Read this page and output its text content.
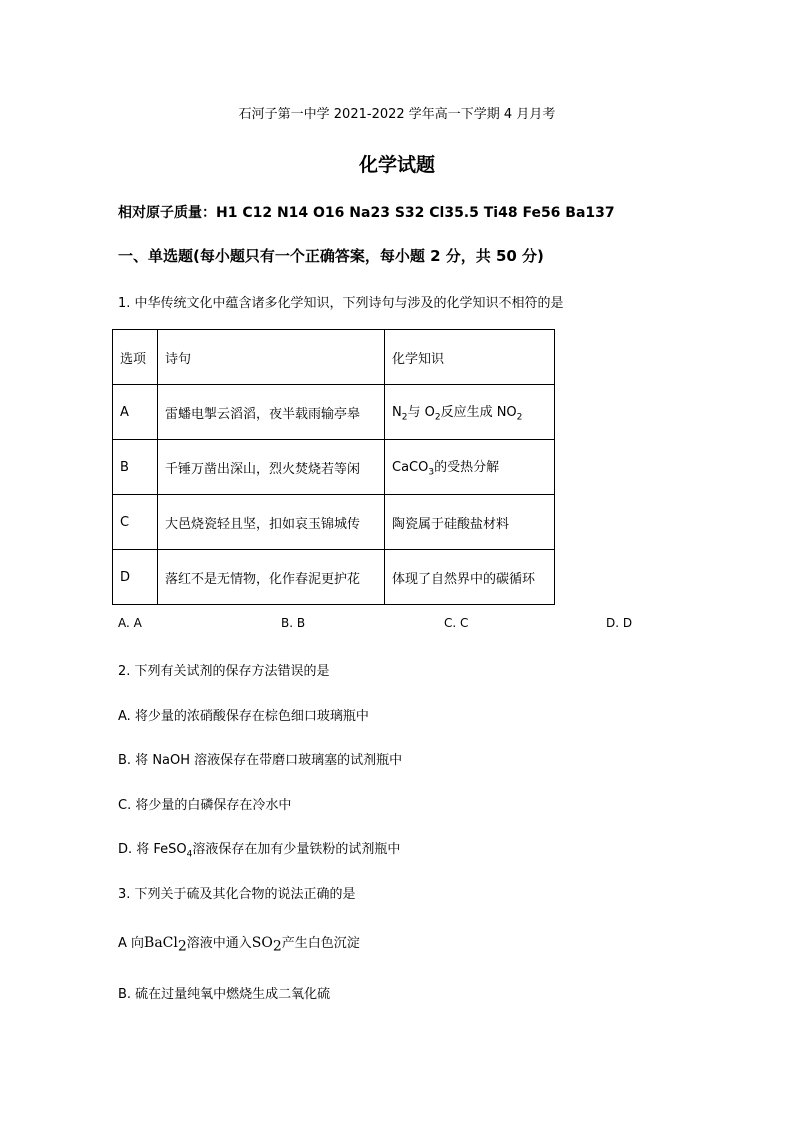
石河子第一中学 2021-2022 学年高一下学期 4 月月考
化学试题
相对原子质量：H1 C12 N14 O16 Na23 S32 Cl35.5 Ti48 Fe56 Ba137
一、单选题(每小题只有一个正确答案，每小题 2 分，共 50 分)
1. 中华传统文化中蕴含诸多化学知识，下列诗句与涉及的化学知识不相符的是
选项	诗句	化学知识
A	雷蟠电掣云滔滔，夜半载雨输亭皋	$N_2$与 $O_2$反应生成 $NO_2$
B	千锤万凿出深山，烈火焚烧若等闲	CaCO$_3$的受热分解
C	大邑烧瓷轻且坚，扣如哀玉锦城传	陶瓷属于硅酸盐材料
D	落红不是无情物，化作春泥更护花	体现了自然界中的碳循环
A. A	B. B	C. C	D. D
2. 下列有关试剂的保存方法错误的是
A. 将少量的浓硝酸保存在棕色细口玻璃瓶中
B. 将 NaOH 溶液保存在带磨口玻璃塞的试剂瓶中
C. 将少量的白磷保存在冷水中
D. 将 FeSO$_4$溶液保存在加有少量铁粉的试剂瓶中
3. 下列关于硫及其化合物的说法正确的是
A 向BaCl$_2$溶液中通入$SO_2$产生白色沉淀
B. 硫在过量纯氧中燃烧生成二氧化硫
